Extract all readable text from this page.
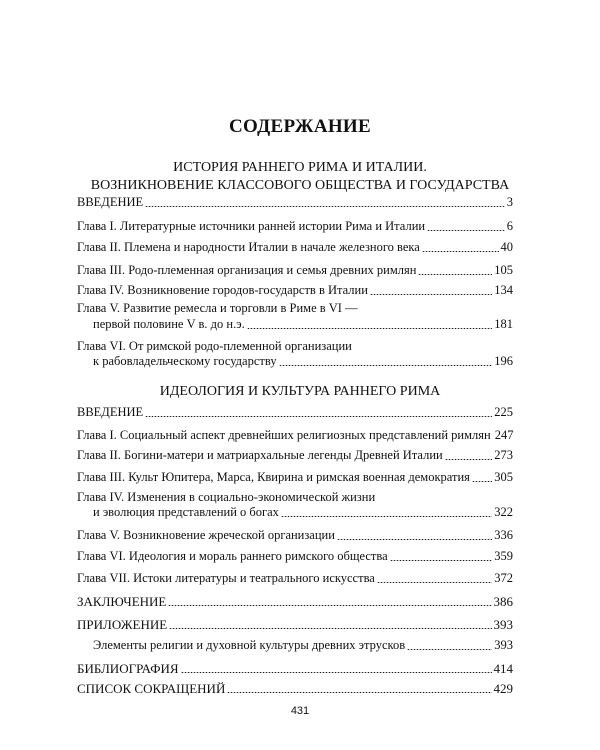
СОДЕРЖАНИЕ
ИСТОРИЯ РАННЕГО РИМА И ИТАЛИИ.
ВОЗНИКНОВЕНИЕ КЛАССОВОГО ОБЩЕСТВА И ГОСУДАРСТВА
ВВЕДЕНИЕ	3
Глава I. Литературные источники ранней истории Рима и Италии	6
Глава II. Племена и народности Италии в начале железного века	40
Глава III. Родо-племенная организация и семья древних римлян	105
Глава IV. Возникновение городов-государств в Италии	134
Глава V. Развитие ремесла и торговли в Риме в VI —
первой половине V в. до н.э.	181
Глава VI. От римской родо-племенной организации
к рабовладельческому государству	196
ИДЕОЛОГИЯ И КУЛЬТУРА РАННЕГО РИМА
ВВЕДЕНИЕ	225
Глава I. Социальный аспект древнейших религиозных представлений римлян 247
Глава II. Богини-матери и матриархальные легенды Древней Италии	273
Глава III. Культ Юпитера, Марса, Квирина и римская военная демократия 305
Глава IV. Изменения в социально-экономической жизни
и эволюция представлений о богах	322
Глава V. Возникновение жреческой организации	336
Глава VI. Идеология и мораль раннего римского общества	359
Глава VII. Истоки литературы и театрального искусства	372
ЗАКЛЮЧЕНИЕ	386
ПРИЛОЖЕНИЕ	393
Элементы религии и духовной культуры древних этрусков	393
БИБЛИОГРАФИЯ	414
СПИСОК СОКРАЩЕНИЙ	429
431
